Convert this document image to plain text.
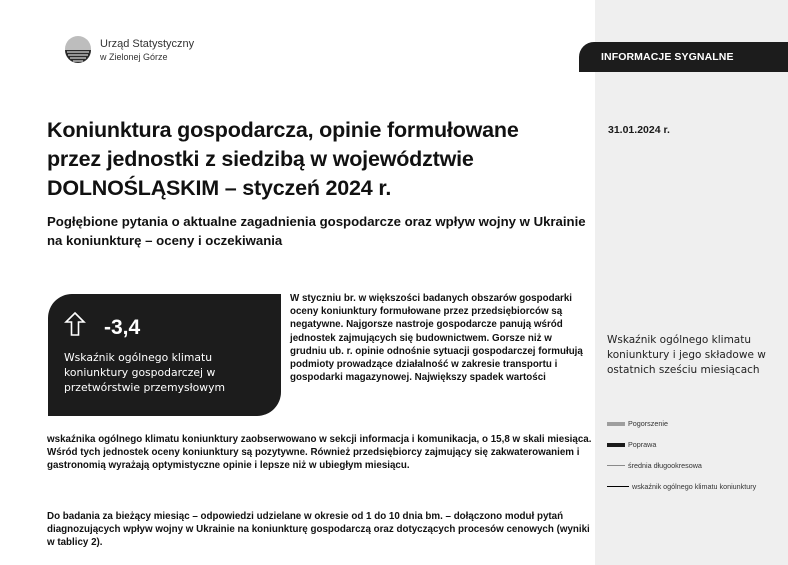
INFORMACJE SYGNALNE
31.01.2024 r.
Urząd Statystyczny
w Zielonej Górze
Koniunktura gospodarcza, opinie formułowane przez jednostki z siedzibą w województwie DOLNOŚLĄSKIM – styczeń 2024 r.
Pogłębione pytania o aktualne zagadnienia gospodarcze oraz wpływ wojny w Ukrainie na koniunkturę – oceny i oczekiwania
-3,4
Wskaźnik ogólnego klimatu koniunktury gospodarczej w przetwórstwie przemysłowym

W styczniu br. w większości badanych obszarów gospodarki oceny koniunktury formułowane przez przedsiębiorców są negatywne. Najgorsze nastroje gospodarcze panują wśród jednostek zajmujących się budownictwem. Gorsze niż w grudniu ub. r. opinie odnośnie sytuacji gospodarczej formułują podmioty prowadzące działalność w zakresie transportu i gospodarki magazynowej. Największy spadek wartości

wskaźnika ogólnego klimatu koniunktury zaobserwowano w sekcji informacja i komunikacja, o 15,8 w skali miesiąca. Wśród tych jednostek oceny koniunktury są pozytywne. Również przedsiębiorcy zajmujący się zakwaterowaniem i gastronomią wyrażają optymistyczne opinie i lepsze niż w ubiegłym miesiącu.

Do badania za bieżący miesiąc – odpowiedzi udzielane w okresie od 1 do 10 dnia bm. – dołączono moduł pytań diagnozujących wpływ wojny w Ukrainie na koniunkturę gospodarczą oraz dotyczących procesów cenowych (wyniki w tablicy 2).

Wskaźnik ogólnego klimatu koniunktury i jego składowe w ostatnich sześciu miesiącach
Pogorszenie
Poprawa
średnia długookresowa
wskaźnik ogólnego klimatu koniunktury
